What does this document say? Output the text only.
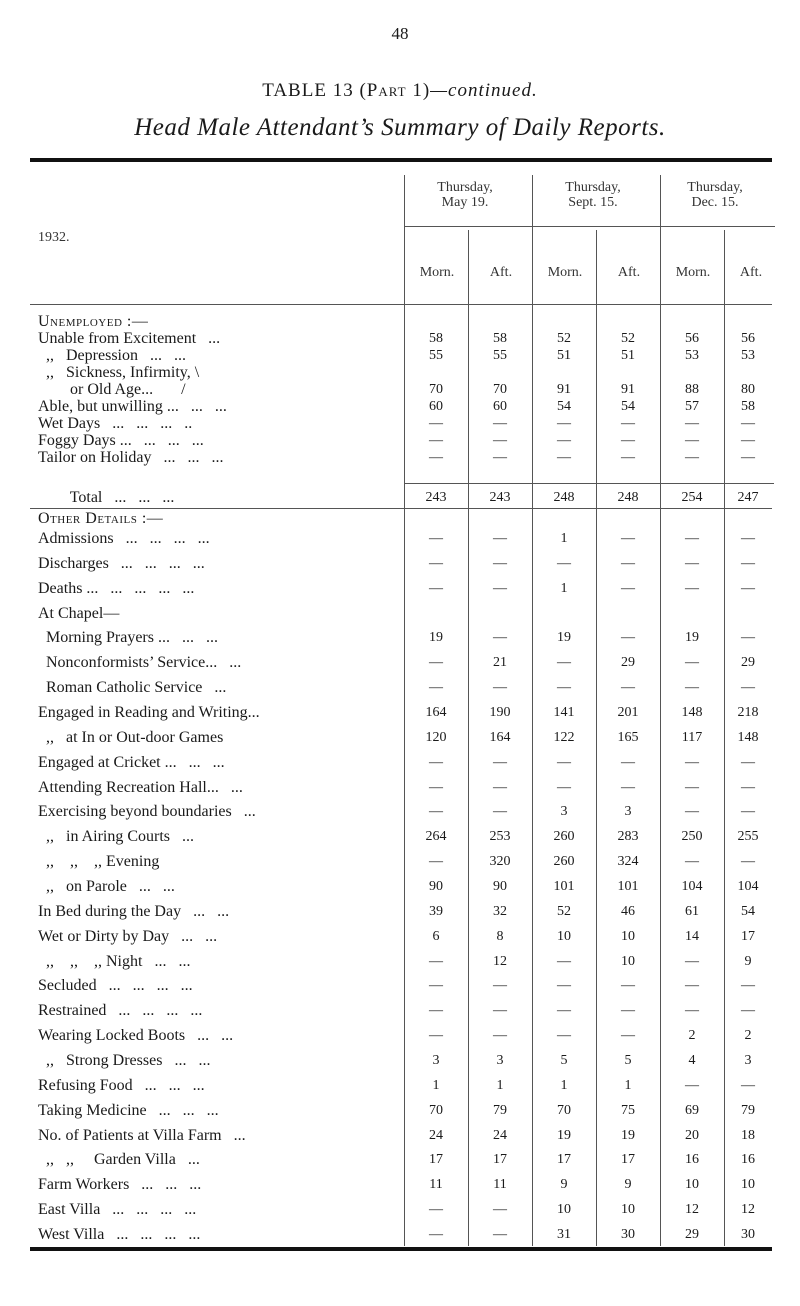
48
TABLE 13 (Part 1)—continued.
Head Male Attendant’s Summary of Daily Reports.
1932.
Thursday,
May 19.
Thursday,
Sept. 15.
Thursday,
Dec. 15.
Morn.	Aft.	Morn.	Aft.	Morn.	Aft.
Unemployed :—
Unable from Excitement   ...	58	58	52	52	56	56
,,   Depression   ...   ...	55	55	51	51	53	53
,,   Sickness, Infirmity, \
or Old Age...       /	70	70	91	91	88	80
Able, but unwilling ...   ...   ...	60	60	54	54	57	58
Wet Days   ...   ...   ...   ..	—	—	—	—	—	—
Foggy Days ...   ...   ...   ...	—	—	—	—	—	—
Tailor on Holiday   ...   ...   ...	—	—	—	—	—	—
Total   ...   ...   ...	243	243	248	248	254	247
Other Details :—
Admissions   ...   ...   ...   ...	—	—	1	—	—	—
Discharges   ...   ...   ...   ...	—	—	—	—	—	—
Deaths ...   ...   ...   ...   ...	—	—	1	—	—	—
At Chapel—
Morning Prayers ...   ...   ...	19	—	19	—	19	—
Nonconformists’ Service...   ...	—	21	—	29	—	29
Roman Catholic Service   ...	—	—	—	—	—	—
Engaged in Reading and Writing...	164	190	141	201	148	218
,,   at In or Out-door Games	120	164	122	165	117	148
Engaged at Cricket ...   ...   ...	—	—	—	—	—	—
Attending Recreation Hall...   ...	—	—	—	—	—	—
Exercising beyond boundaries   ...	—	—	3	3	—	—
,,   in Airing Courts   ...	264	253	260	283	250	255
,,    ,,    ,, Evening	—	320	260	324	—	—
,,   on Parole   ...   ...	90	90	101	101	104	104
In Bed during the Day   ...   ...	39	32	52	46	61	54
Wet or Dirty by Day   ...   ...	6	8	10	10	14	17
,,    ,,    ,, Night   ...   ...	—	12	—	10	—	9
Secluded   ...   ...   ...   ...	—	—	—	—	—	—
Restrained   ...   ...   ...   ...	—	—	—	—	—	—
Wearing Locked Boots   ...   ...	—	—	—	—	2	2
,,   Strong Dresses   ...   ...	3	3	5	5	4	3
Refusing Food   ...   ...   ...	1	1	1	1	—	—
Taking Medicine   ...   ...   ...	70	79	70	75	69	79
No. of Patients at Villa Farm   ...	24	24	19	19	20	18
,,   ,,     Garden Villa   ...	17	17	17	17	16	16
Farm Workers   ...   ...   ...	11	11	9	9	10	10
East Villa   ...   ...   ...   ...	—	—	10	10	12	12
West Villa   ...   ...   ...   ...	—	—	31	30	29	30
